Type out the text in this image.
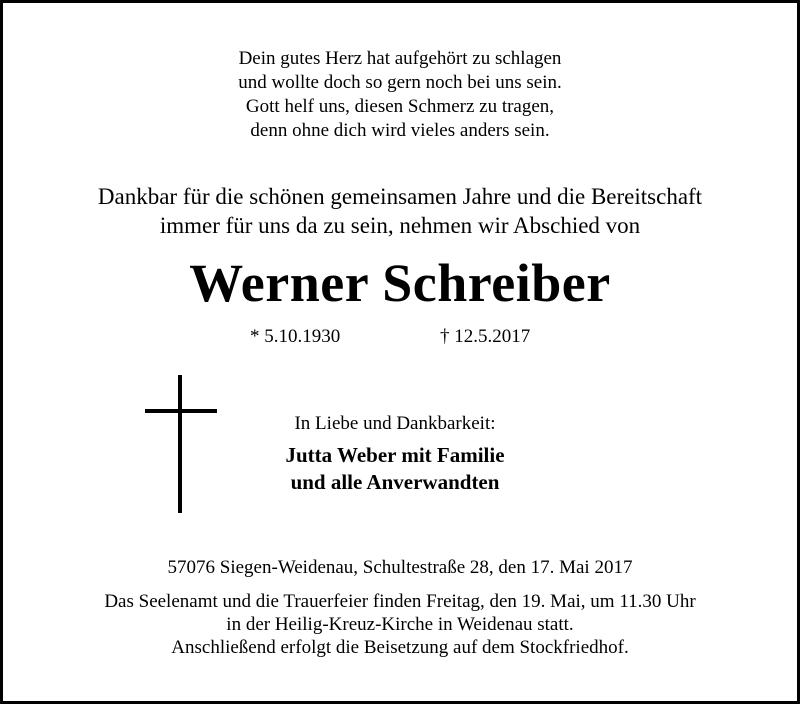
Dein gutes Herz hat aufgehört zu schlagen
und wollte doch so gern noch bei uns sein.
Gott helf uns, diesen Schmerz zu tragen,
denn ohne dich wird vieles anders sein.
Dankbar für die schönen gemeinsamen Jahre und die Bereitschaft
immer für uns da zu sein, nehmen wir Abschied von
Werner Schreiber
* 5.10.1930	† 12.5.2017
In Liebe und Dankbarkeit:
Jutta Weber mit Familie
und alle Anverwandten
57076 Siegen-Weidenau, Schultestraße 28, den 17. Mai 2017
Das Seelenamt und die Trauerfeier finden Freitag, den 19. Mai, um 11.30 Uhr
in der Heilig-Kreuz-Kirche in Weidenau statt.
Anschließend erfolgt die Beisetzung auf dem Stockfriedhof.
